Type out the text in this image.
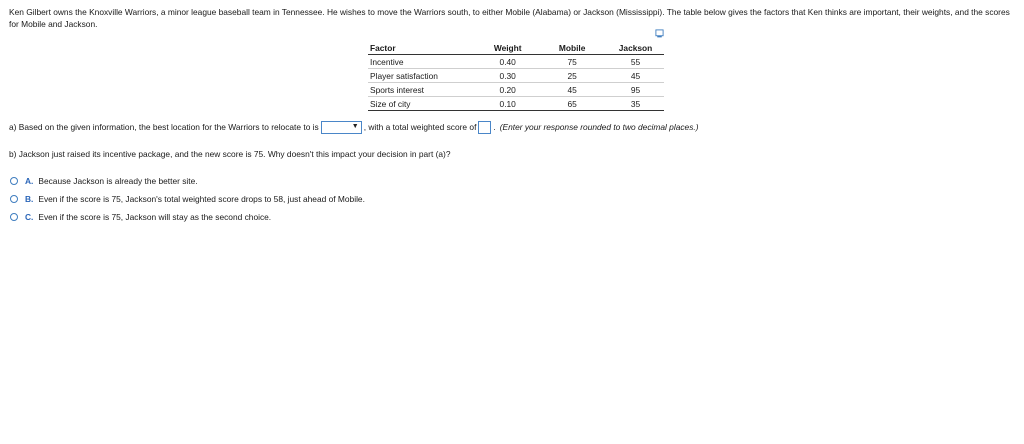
Ken Gilbert owns the Knoxville Warriors, a minor league baseball team in Tennessee. He wishes to move the Warriors south, to either Mobile (Alabama) or Jackson (Mississippi). The table below gives the factors that Ken thinks are important, their weights, and the scores for Mobile and Jackson.
Factor	Weight	Mobile	Jackson
Incentive	0.40	75	55
Player satisfaction	0.30	25	45
Sports interest	0.20	45	95
Size of city	0.10	65	35
a) Based on the given information, the best location for the Warriors to relocate to is	▼ , with a total weighted score of . (Enter your response rounded to two decimal places.)
b) Jackson just raised its incentive package, and the new score is 75. Why doesn't this impact your decision in part (a)?
A. Because Jackson is already the better site.
B. Even if the score is 75, Jackson's total weighted score drops to 58, just ahead of Mobile.
C. Even if the score is 75, Jackson will stay as the second choice.
